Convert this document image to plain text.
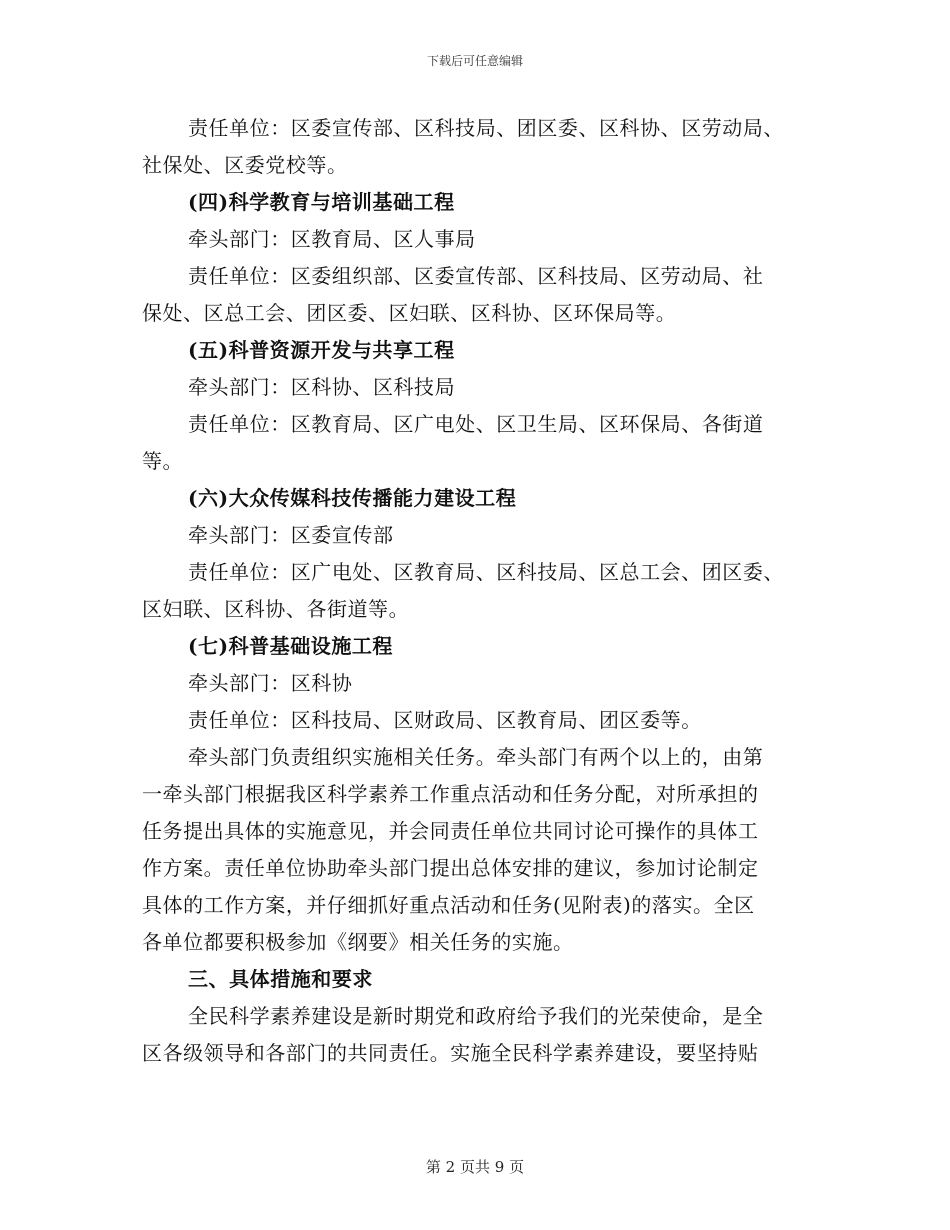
下载后可任意编辑
责任单位：区委宣传部、区科技局、团区委、区科协、区劳动局、
社保处、区委党校等。
(四)科学教育与培训基础工程
牵头部门：区教育局、区人事局
责任单位：区委组织部、区委宣传部、区科技局、区劳动局、社
保处、区总工会、团区委、区妇联、区科协、区环保局等。
(五)科普资源开发与共享工程
牵头部门：区科协、区科技局
责任单位：区教育局、区广电处、区卫生局、区环保局、各街道
等。
(六)大众传媒科技传播能力建设工程
牵头部门：区委宣传部
责任单位：区广电处、区教育局、区科技局、区总工会、团区委、
区妇联、区科协、各街道等。
(七)科普基础设施工程
牵头部门：区科协
责任单位：区科技局、区财政局、区教育局、团区委等。
牵头部门负责组织实施相关任务。牵头部门有两个以上的，由第
一牵头部门根据我区科学素养工作重点活动和任务分配，对所承担的
任务提出具体的实施意见，并会同责任单位共同讨论可操作的具体工
作方案。责任单位协助牵头部门提出总体安排的建议，参加讨论制定
具体的工作方案，并仔细抓好重点活动和任务(见附表)的落实。全区
各单位都要积极参加《纲要》相关任务的实施。
三、具体措施和要求
全民科学素养建设是新时期党和政府给予我们的光荣使命，是全
区各级领导和各部门的共同责任。实施全民科学素养建设，要坚持贴
第 2 页共 9 页
